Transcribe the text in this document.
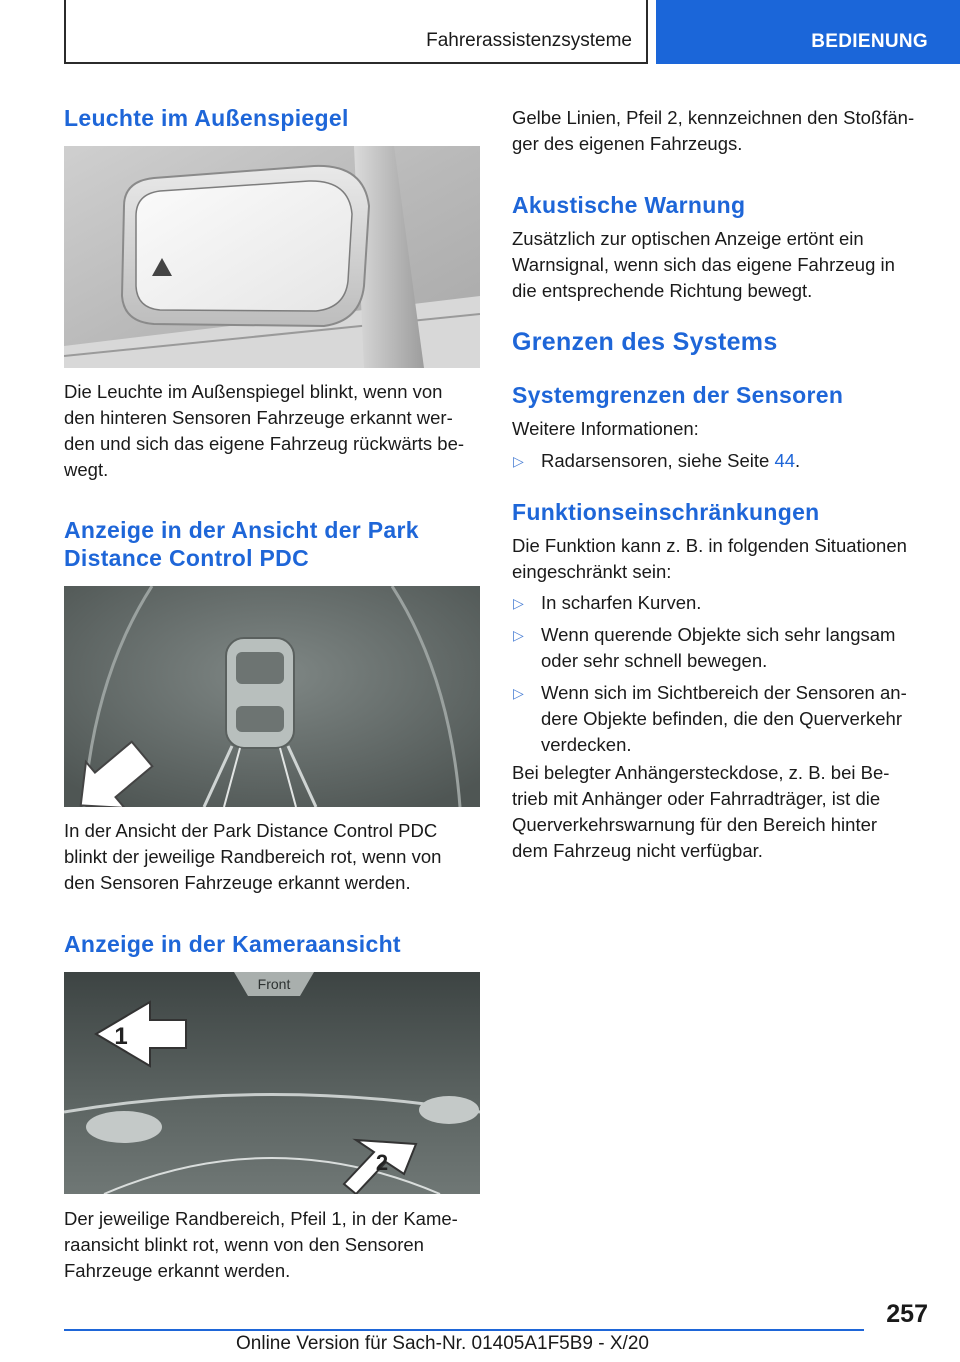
Fahrerassistenzsysteme	BEDIENUNG
Leuchte im Außenspiegel

Die Leuchte im Außenspiegel blinkt, wenn von
den hinteren Sensoren Fahrzeuge erkannt wer-
den und sich das eigene Fahrzeug rückwärts be-
wegt.

Anzeige in der Ansicht der Park
Distance Control PDC

In der Ansicht der Park Distance Control PDC
blinkt der jeweilige Randbereich rot, wenn von
den Sensoren Fahrzeuge erkannt werden.

Anzeige in der Kameraansicht
Front
1
2

Der jeweilige Randbereich, Pfeil 1, in der Kame-
raansicht blinkt rot, wenn von den Sensoren
Fahrzeuge erkannt werden.

Gelbe Linien, Pfeil 2, kennzeichnen den Stoßfän-
ger des eigenen Fahrzeugs.

Akustische Warnung

Zusätzlich zur optischen Anzeige ertönt ein
Warnsignal, wenn sich das eigene Fahrzeug in
die entsprechende Richtung bewegt.

Grenzen des Systems
Systemgrenzen der Sensoren

Weitere Informationen:

▷ Radarsensoren, siehe Seite 44.
Funktionseinschränkungen

Die Funktion kann z. B. in folgenden Situationen
eingeschränkt sein:

▷ In scharfen Kurven.
▷ Wenn querende Objekte sich sehr langsam
oder sehr schnell bewegen.
▷ Wenn sich im Sichtbereich der Sensoren an-
dere Objekte befinden, die den Querverkehr
verdecken.

Bei belegter Anhängersteckdose, z. B. bei Be-
trieb mit Anhänger oder Fahrradträger, ist die
Querverkehrswarnung für den Bereich hinter
dem Fahrzeug nicht verfügbar.

257
Online Version für Sach-Nr. 01405A1F5B9 - X/20
